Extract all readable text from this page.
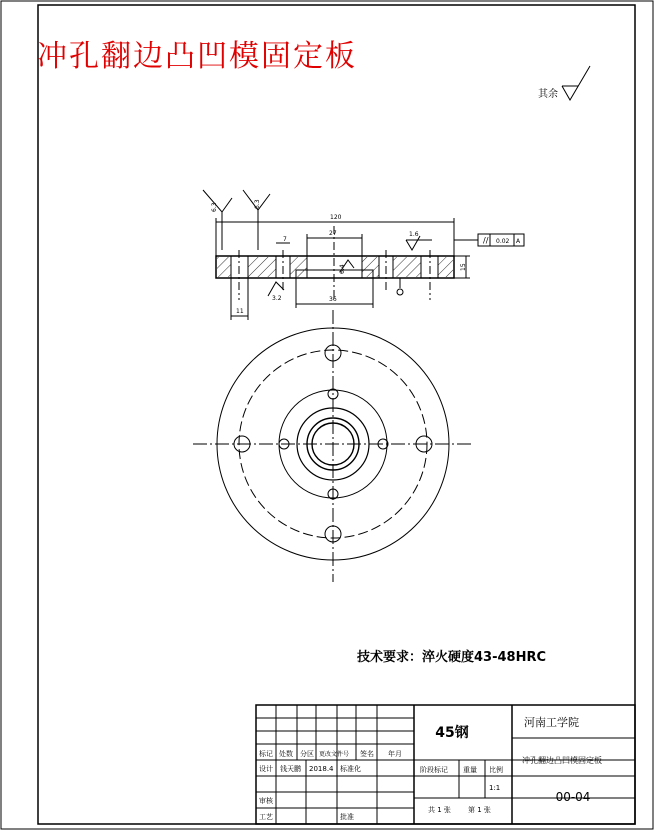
冲孔翻边凸凹模固定板
其余
120
27
7
36
11
1.6
3.2
0.02 A
//
6.3	6.3
6.4	15
技术要求：淬火硬度43-48HRC
45钢
河南工学院
冲孔翻边凸凹模固定板
00-04
阶段标记 重量 比例
1:1
共 1 张 第 1 张
标记 处数 分区 更改文件号 签名 年月
设计 钱天鹏 2018.4 标准化
审核
工艺	批准
